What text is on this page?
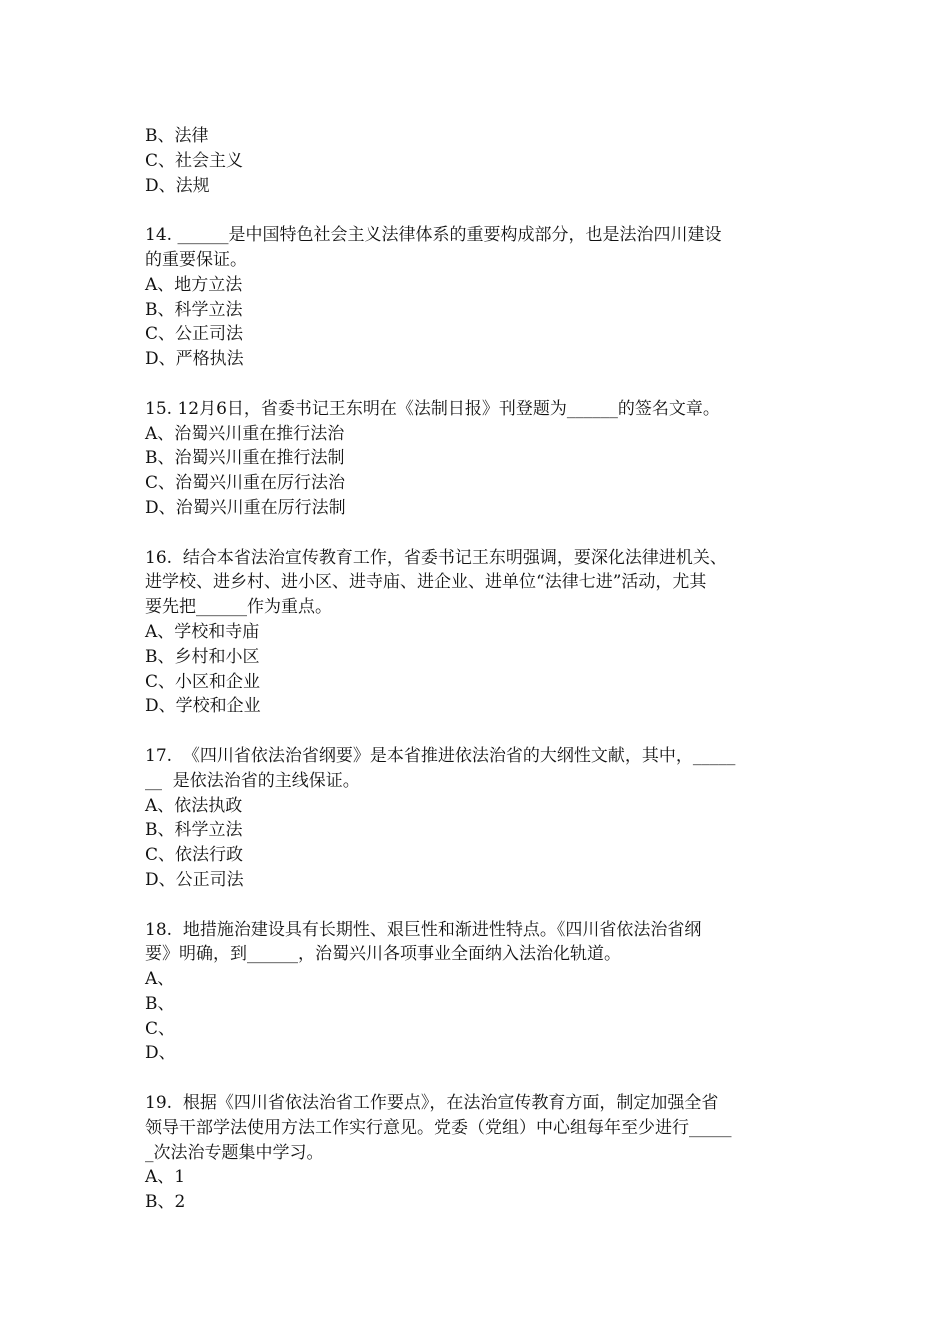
B、法律
C、社会主义
D、法规
14. ______是中国特色社会主义法律体系的重要构成部分，也是法治四川建设
的重要保证。
A、地方立法
B、科学立法
C、公正司法
D、严格执法
15. 12月6日，省委书记王东明在《法制日报》刊登题为______的签名文章。
A、治蜀兴川重在推行法治
B、治蜀兴川重在推行法制
C、治蜀兴川重在厉行法治
D、治蜀兴川重在厉行法制
16.  结合本省法治宣传教育工作，省委书记王东明强调，要深化法律进机关、
进学校、进乡村、进小区、进寺庙、进企业、进单位“法律七进”活动，尤其
要先把______作为重点。
A、学校和寺庙
B、乡村和小区
C、小区和企业
D、学校和企业
17.  《四川省依法治省纲要》是本省推进依法治省的大纲性文献，其中，_____
__  是依法治省的主线保证。
A、依法执政
B、科学立法
C、依法行政
D、公正司法
18.  地措施治建设具有长期性、艰巨性和渐进性特点。《四川省依法治省纲
要》明确，到______，治蜀兴川各项事业全面纳入法治化轨道。
A、
B、
C、
D、
19.  根据《四川省依法治省工作要点》，在法治宣传教育方面，制定加强全省
领导干部学法使用方法工作实行意见。党委（党组）中心组每年至少进行_____
_次法治专题集中学习。
A、1
B、2
